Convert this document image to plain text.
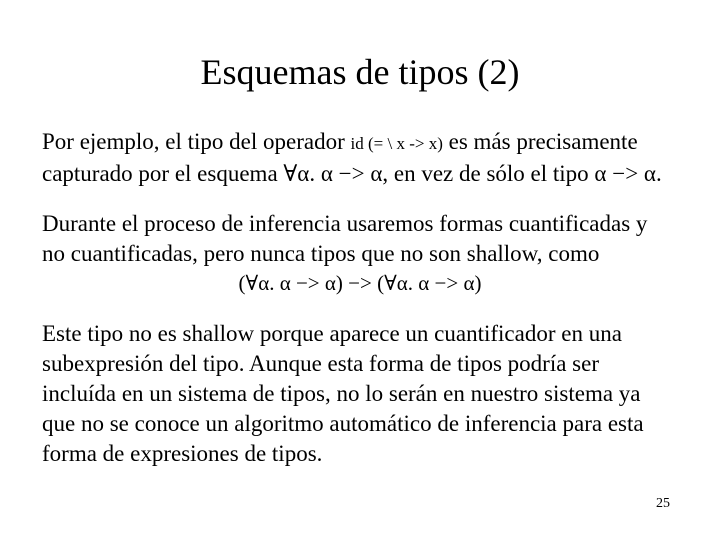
Esquemas de tipos (2)
Por ejemplo, el tipo del operador id (= \ x -> x) es más precisamente
capturado por el esquema ∀α. α −> α, en vez de sólo el tipo α −> α.
Durante el proceso de inferencia usaremos formas cuantificadas y
no cuantificadas, pero nunca tipos que no son shallow, como
(∀α. α −> α) −> (∀α. α −> α)
Este tipo no es shallow porque aparece un cuantificador en una
subexpresión del tipo. Aunque esta forma de tipos podría ser
incluída en un sistema de tipos, no lo serán en nuestro sistema ya
que no se conoce un algoritmo automático de inferencia para esta
forma de expresiones de tipos.
25
